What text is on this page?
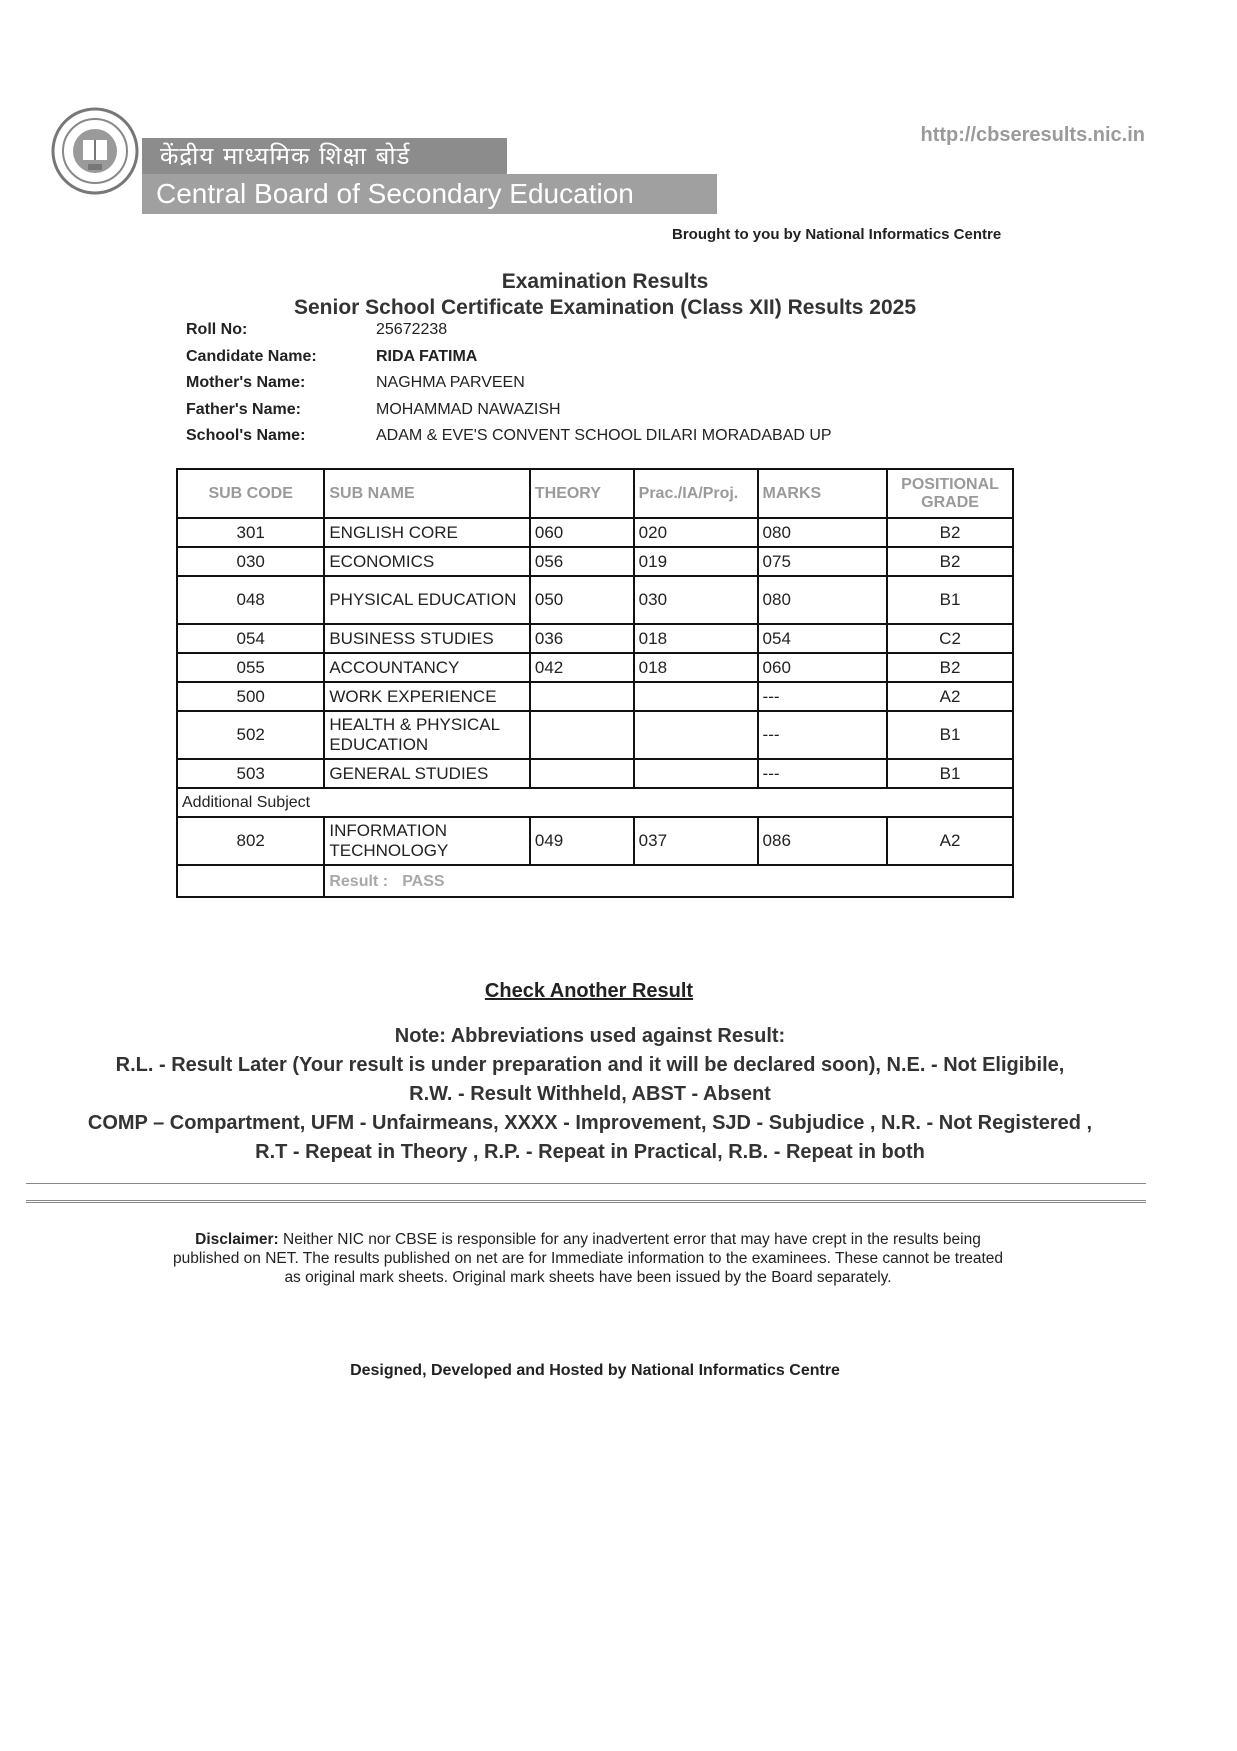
केंद्रीय माध्यमिक शिक्षा बोर्ड
Central Board of Secondary Education
http://cbseresults.nic.in
Brought to you by National Informatics Centre
Examination Results
Senior School Certificate Examination (Class XII) Results 2025
Roll No:	25672238
Candidate Name:	RIDA FATIMA
Mother's Name:	NAGHMA PARVEEN
Father's Name:	MOHAMMAD NAWAZISH
School's Name:	ADAM & EVE'S CONVENT SCHOOL DILARI MORADABAD UP
SUB CODE	SUB NAME	THEORY	Prac./IA/Proj.	MARKS	POSITIONAL GRADE
301	ENGLISH CORE	060	020	080	B2
030	ECONOMICS	056	019	075	B2
048	PHYSICAL EDUCATION	050	030	080	B1
054	BUSINESS STUDIES	036	018	054	C2
055	ACCOUNTANCY	042	018	060	B2
500	WORK EXPERIENCE			---	A2
502	HEALTH & PHYSICAL EDUCATION			---	B1
503	GENERAL STUDIES			---	B1
Additional Subject					
802	INFORMATION TECHNOLOGY	049	037	086	A2
	Result : PASS				
Check Another Result
Note: Abbreviations used against Result:
R.L. - Result Later (Your result is under preparation and it will be declared soon), N.E. - Not Eligibile,
R.W. - Result Withheld, ABST - Absent
COMP – Compartment, UFM - Unfairmeans, XXXX - Improvement, SJD - Subjudice , N.R. - Not Registered , R.T - Repeat in Theory , R.P. - Repeat in Practical, R.B. - Repeat in both
Disclaimer: Neither NIC nor CBSE is responsible for any inadvertent error that may have crept in the results being published on NET. The results published on net are for Immediate information to the examinees. These cannot be treated as original mark sheets. Original mark sheets have been issued by the Board separately.
Designed, Developed and Hosted by National Informatics Centre
